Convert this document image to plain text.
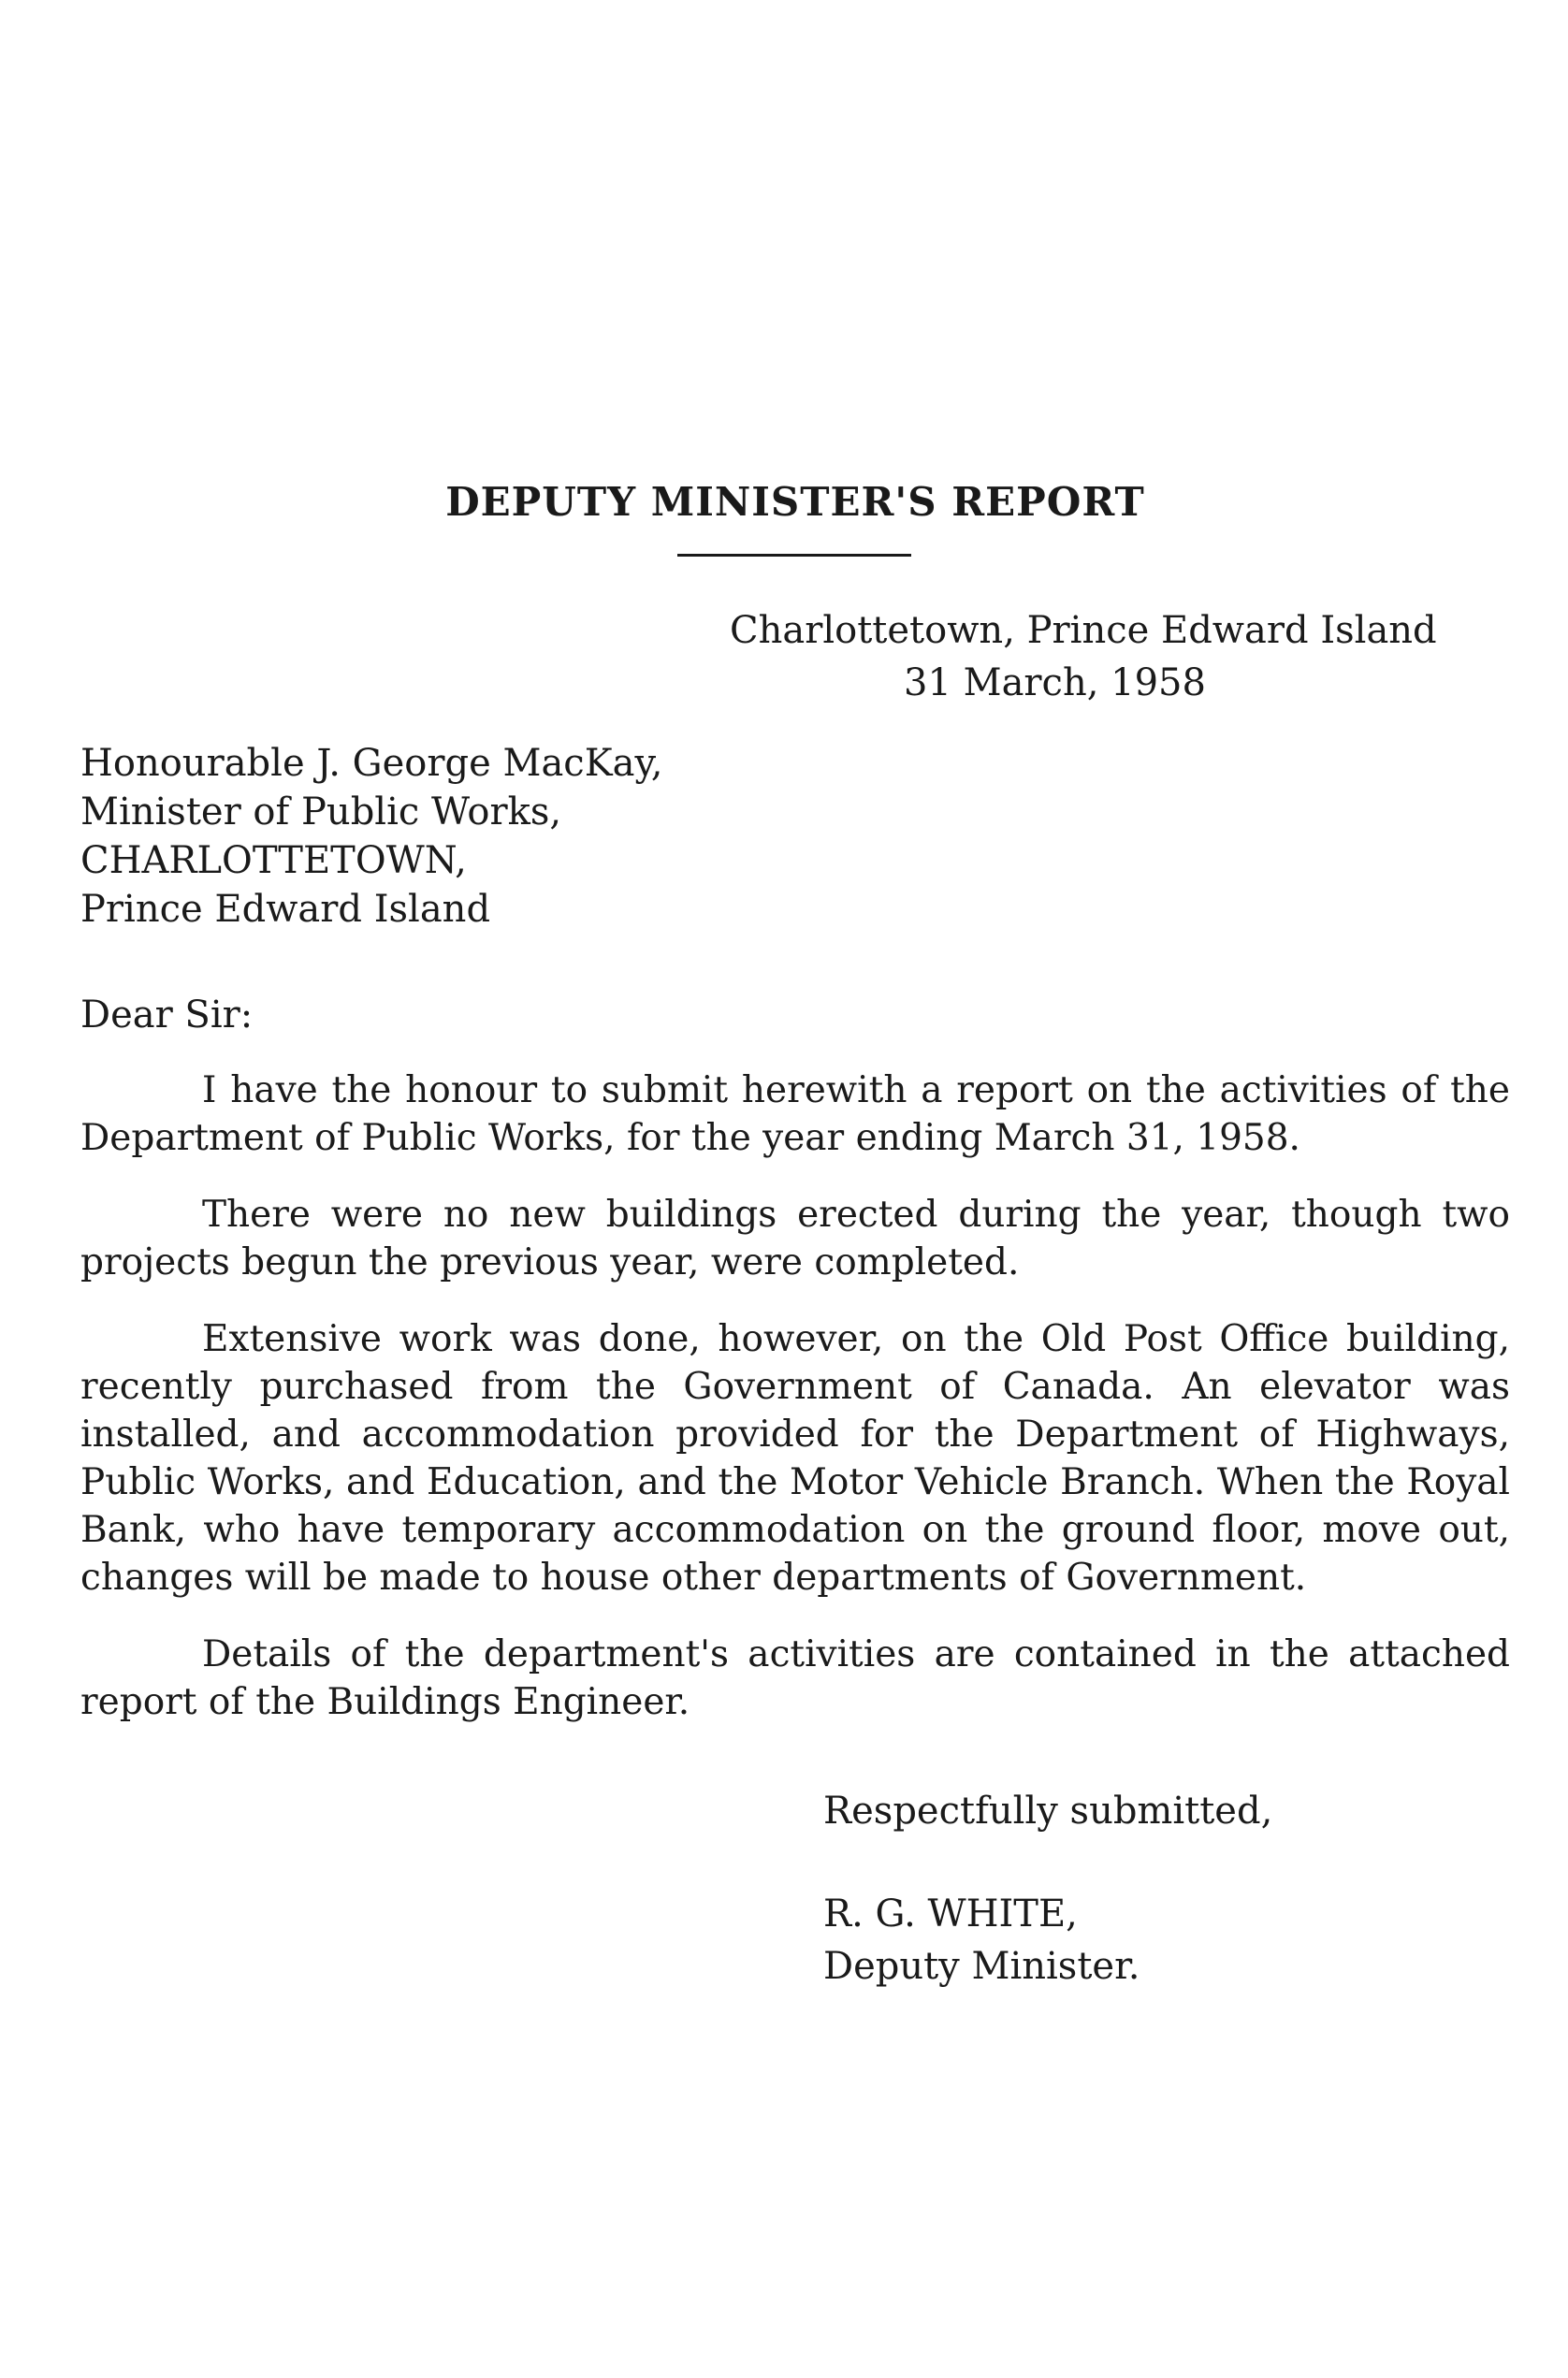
DEPUTY MINISTER'S REPORT
Charlottetown, Prince Edward Island
31 March, 1958
Honourable J. George MacKay,
Minister of Public Works,
CHARLOTTETOWN,
Prince Edward Island
Dear Sir:

I have the honour to submit herewith a report on the activities of the Department of Public Works, for the year ending March 31, 1958.

There were no new buildings erected during the year, though two projects begun the previous year, were completed.

Extensive work was done, however, on the Old Post Office building, recently purchased from the Government of Canada. An elevator was installed, and accommodation provided for the Department of Highways, Public Works, and Education, and the Motor Vehicle Branch. When the Royal Bank, who have temporary accommodation on the ground floor, move out, changes will be made to house other departments of Government.

Details of the department's activities are contained in the attached report of the Buildings Engineer.

Respectfully submitted,
R. G. WHITE,
Deputy Minister.
